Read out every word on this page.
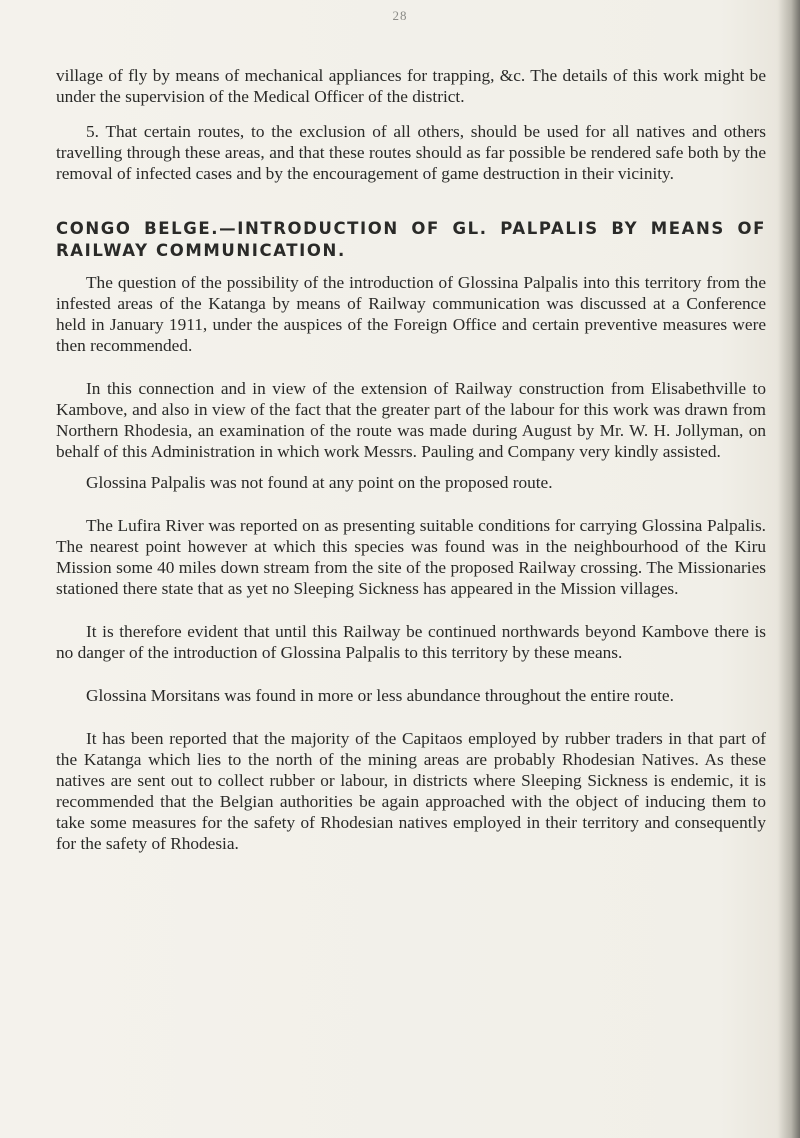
28

village of fly by means of mechanical appliances for trapping, &c. The details of this work might be under the supervision of the Medical Officer of the district.

5. That certain routes, to the exclusion of all others, should be used for all natives and others travelling through these areas, and that these routes should as far possible be rendered safe both by the removal of infected cases and by the encouragement of game destruction in their vicinity.

CONGO BELGE.—INTRODUCTION OF GL. PALPALIS BY MEANS OF RAILWAY COMMUNICATION.

The question of the possibility of the introduction of Glossina Palpalis into this territory from the infested areas of the Katanga by means of Railway communication was discussed at a Conference held in January 1911, under the auspices of the Foreign Office and certain preventive measures were then recommended.

In this connection and in view of the extension of Railway construction from Elisabethville to Kambove, and also in view of the fact that the greater part of the labour for this work was drawn from Northern Rhodesia, an examination of the route was made during August by Mr. W. H. Jollyman, on behalf of this Administration in which work Messrs. Pauling and Company very kindly assisted.

Glossina Palpalis was not found at any point on the proposed route.

The Lufira River was reported on as presenting suitable conditions for carrying Glossina Palpalis. The nearest point however at which this species was found was in the neighbourhood of the Kiru Mission some 40 miles down stream from the site of the proposed Railway crossing. The Missionaries stationed there state that as yet no Sleeping Sickness has appeared in the Mission villages.

It is therefore evident that until this Railway be continued northwards beyond Kambove there is no danger of the introduction of Glossina Palpalis to this territory by these means.

Glossina Morsitans was found in more or less abundance throughout the entire route.

It has been reported that the majority of the Capitaos employed by rubber traders in that part of the Katanga which lies to the north of the mining areas are probably Rhodesian Natives. As these natives are sent out to collect rubber or labour, in districts where Sleeping Sickness is endemic, it is recommended that the Belgian authorities be again approached with the object of inducing them to take some measures for the safety of Rhodesian natives employed in their territory and consequently for the safety of Rhodesia.
